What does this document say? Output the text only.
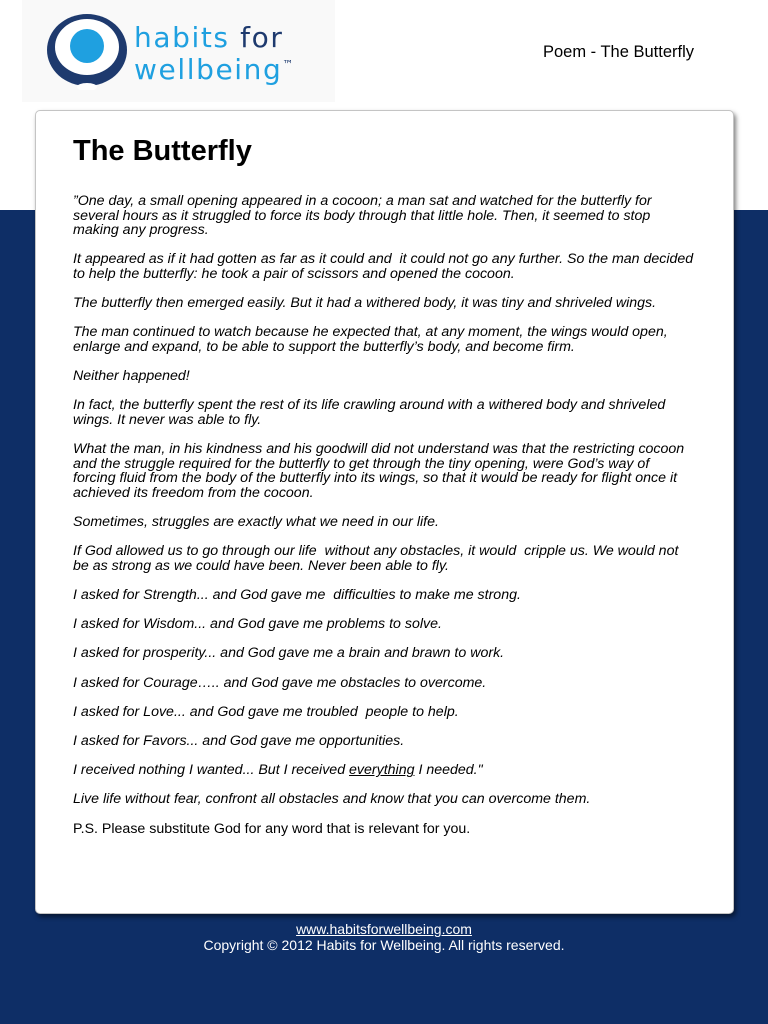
habits for
wellbeing™
Poem - The Butterfly
The Butterfly

”One day, a small opening appeared in a cocoon; a man sat and watched for the butterfly for several hours as it struggled to force its body through that little hole. Then, it seemed to stop making any progress.

It appeared as if it had gotten as far as it could and  it could not go any further. So the man decided to help the butterfly: he took a pair of scissors and opened the cocoon.

The butterfly then emerged easily. But it had a withered body, it was tiny and shriveled wings.

The man continued to watch because he expected that, at any moment, the wings would open, enlarge and expand, to be able to support the butterfly’s body, and become firm.

Neither happened!

In fact, the butterfly spent the rest of its life crawling around with a withered body and shriveled wings. It never was able to fly.

What the man, in his kindness and his goodwill did not understand was that the restricting cocoon and the struggle required for the butterfly to get through the tiny opening, were God’s way of forcing fluid from the body of the butterfly into its wings, so that it would be ready for flight once it achieved its freedom from the cocoon.

Sometimes, struggles are exactly what we need in our life.

If God allowed us to go through our life  without any obstacles, it would  cripple us. We would not be as strong as we could have been. Never been able to fly.

I asked for Strength... and God gave me  difficulties to make me strong.

I asked for Wisdom... and God gave me problems to solve.

I asked for prosperity... and God gave me a brain and brawn to work.

I asked for Courage….. and God gave me obstacles to overcome.

I asked for Love... and God gave me troubled  people to help.

I asked for Favors... and God gave me opportunities.

I received nothing I wanted... But I received everything I needed."

Live life without fear, confront all obstacles and know that you can overcome them.

P.S. Please substitute God for any word that is relevant for you.

www.habitsforwellbeing.com
Copyright © 2012 Habits for Wellbeing. All rights reserved.
